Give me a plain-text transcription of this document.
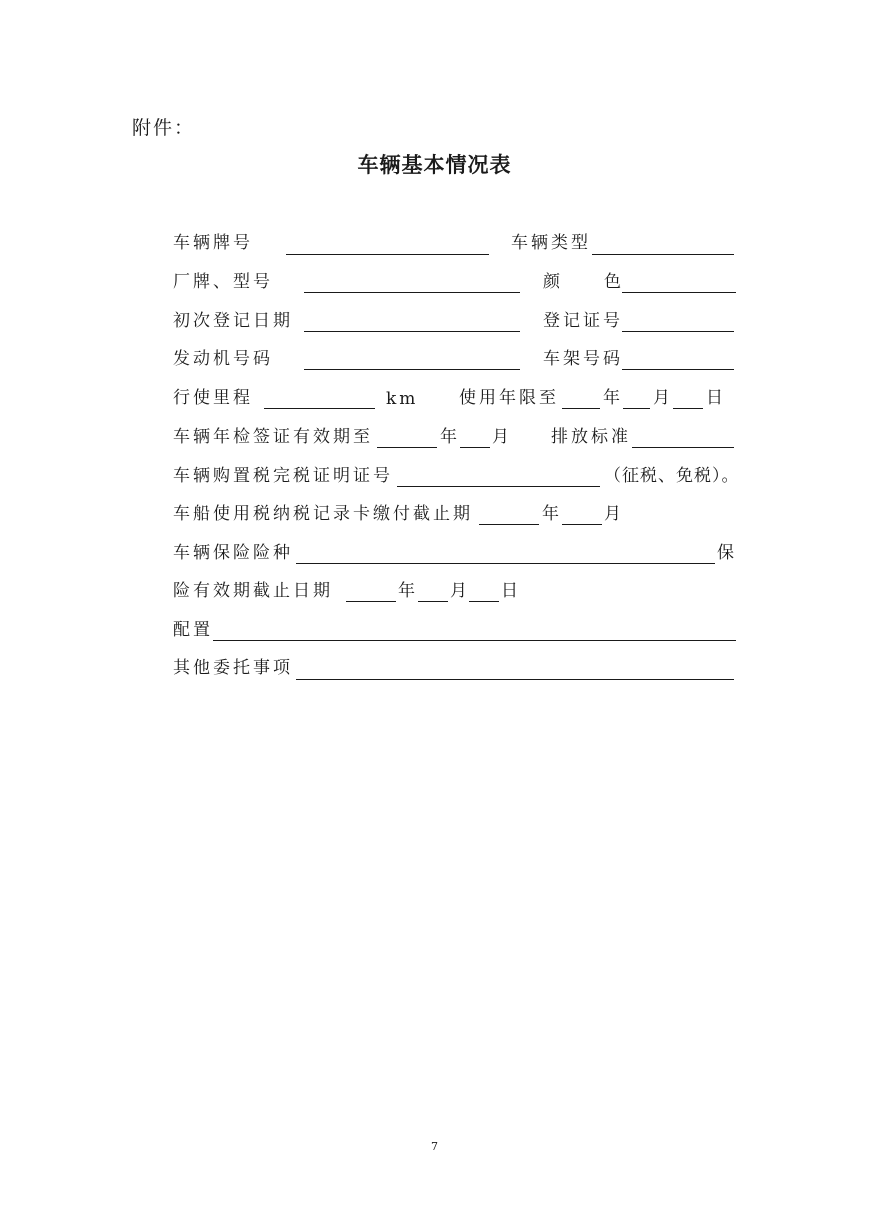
附件：
车辆基本情况表
车辆牌号	车辆类型
厂牌、型号	颜 色
初次登记日期	登记证号
发动机号码	车架号码
行使里程	km 使用年限至	年 月 日
车辆年检签证有效期至	年 月 排放标准
车辆购置税完税证明证号	（征税、免税）。
车船使用税纳税记录卡缴付截止期	年 月
车辆保险险种	保
险有效期截止日期	年 月 日
配置
其他委托事项
7
